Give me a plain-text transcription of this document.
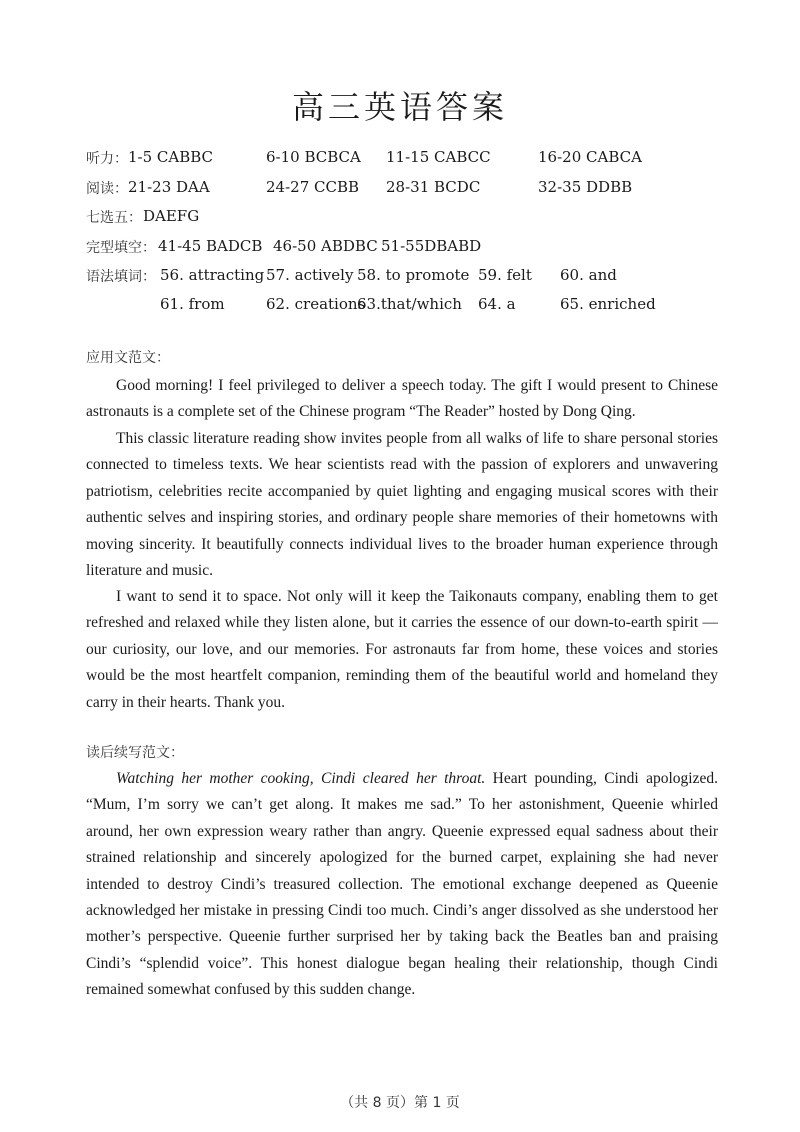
高三英语答案
听力： 1-5 CABBC	6-10 BCBCA 11-15 CABCC	16-20 CABCA
阅读： 21-23 DAA	24-27 CCBB 28-31 BCDC	32-35 DDBB
七选五： DAEFG
完型填空： 41-45 BADCB 46-50 ABDBC 51-55DBABD
语法填词： 56. attracting 57. actively 58. to promote 59. felt 60. and
61. from	62. creations
63.that/which 64. a	65. enriched
应用文范文：

Good morning! I feel privileged to deliver a speech today. The gift I would present to Chinese astronauts is a complete set of the Chinese program “The Reader” hosted by Dong Qing.

This classic literature reading show invites people from all walks of life to share personal stories connected to timeless texts. We hear scientists read with the passion of explorers and unwavering patriotism, celebrities recite accompanied by quiet lighting and engaging musical scores with their authentic selves and inspiring stories, and ordinary people share memories of their hometowns with moving sincerity. It beautifully connects individual lives to the broader human experience through literature and music.

I want to send it to space. Not only will it keep the Taikonauts company, enabling them to get refreshed and relaxed while they listen alone, but it carries the essence of our down-to-earth spirit — our curiosity, our love, and our memories. For astronauts far from home, these voices and stories would be the most heartfelt companion, reminding them of the beautiful world and homeland they carry in their hearts. Thank you.

读后续写范文：

Watching her mother cooking, Cindi cleared her throat. Heart pounding, Cindi apologized. “Mum, I’m sorry we can’t get along. It makes me sad.” To her astonishment, Queenie whirled around, her own expression weary rather than angry. Queenie expressed equal sadness about their strained relationship and sincerely apologized for the burned carpet, explaining she had never intended to destroy Cindi’s treasured collection. The emotional exchange deepened as Queenie acknowledged her mistake in pressing Cindi too much. Cindi’s anger dissolved as she understood her mother’s perspective. Queenie further surprised her by taking back the Beatles ban and praising Cindi’s “splendid voice”. This honest dialogue began healing their relationship, though Cindi remained somewhat confused by this sudden change.

（共 8 页）第 1 页
